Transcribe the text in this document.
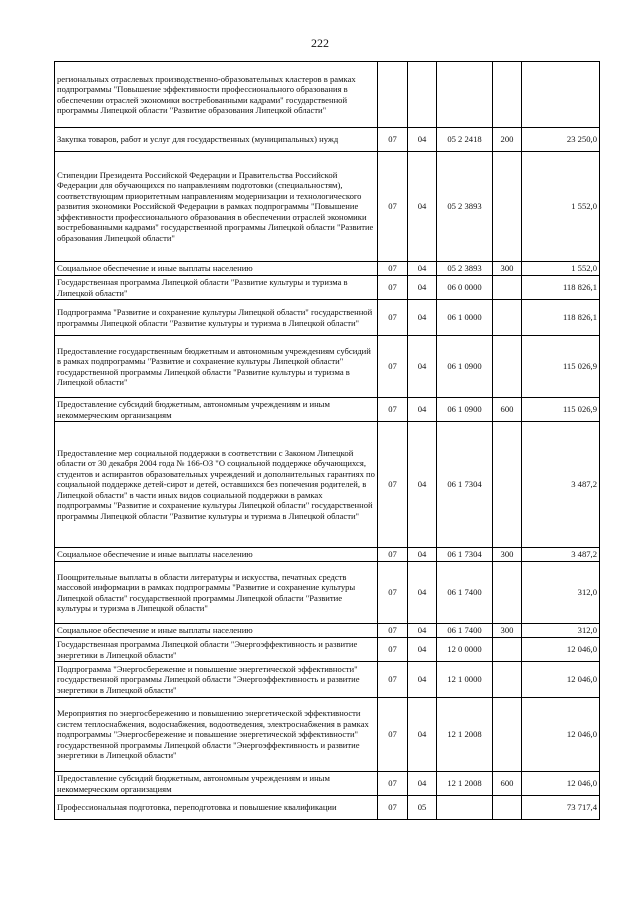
222
региональных отраслевых производственно-образовательных кластеров в рамках подпрограммы "Повышение эффективности профессионального образования в обеспечении отраслей экономики востребованными кадрами" государственной программы Липецкой области "Развитие образования Липецкой области"					
Закупка товаров, работ и услуг для государственных (муниципальных) нужд	07	04	05 2 2418	200	23 250,0
Стипендии Президента Российской Федерации и Правительства Российской Федерации для обучающихся по направлениям подготовки (специальностям), соответствующим приоритетным направлениям модернизации и технологического развития экономики Российской Федерации в рамках подпрограммы "Повышение эффективности профессионального образования в обеспечении отраслей экономики востребованными кадрами" государственной программы Липецкой области "Развитие образования Липецкой области"	07	04	05 2 3893		1 552,0
Социальное обеспечение и иные выплаты населению	07	04	05 2 3893	300	1 552,0
Государственная программа Липецкой области "Развитие культуры и туризма в Липецкой области"	07	04	06 0 0000		118 826,1
Подпрограмма "Развитие и сохранение культуры Липецкой области" государственной программы Липецкой области "Развитие культуры и туризма в Липецкой области"	07	04	06 1 0000		118 826,1
Предоставление государственным бюджетным и автономным учреждениям субсидий в рамках подпрограммы "Развитие и сохранение культуры Липецкой области" государственной программы Липецкой области "Развитие культуры и туризма в Липецкой области"	07	04	06 1 0900		115 026,9
Предоставление субсидий бюджетным, автономным учреждениям и иным некоммерческим организациям	07	04	06 1 0900	600	115 026,9
Предоставление мер социальной поддержки в соответствии с Законом Липецкой области от 30 декабря 2004 года № 166-ОЗ "О социальной поддержке обучающихся, студентов и аспирантов образовательных учреждений и дополнительных гарантиях по социальной поддержке детей-сирот и детей, оставшихся без попечения родителей, в Липецкой области" в части иных видов социальной поддержки в рамках подпрограммы "Развитие и сохранение культуры Липецкой области" государственной программы Липецкой области "Развитие культуры и туризма в Липецкой области"	07	04	06 1 7304		3 487,2
Социальное обеспечение и иные выплаты населению	07	04	06 1 7304	300	3 487,2
Поощрительные выплаты в области литературы и искусства, печатных средств массовой информации в рамках подпрограммы "Развитие и сохранение культуры Липецкой области" государственной программы Липецкой области "Развитие культуры и туризма в Липецкой области"	07	04	06 1 7400		312,0
Социальное обеспечение и иные выплаты населению	07	04	06 1 7400	300	312,0
Государственная программа Липецкой области "Энергоэффективность и развитие энергетики в Липецкой области"	07	04	12 0 0000		12 046,0
Подпрограмма "Энергосбережение и повышение энергетической эффективности" государственной программы Липецкой области "Энергоэффективность и развитие энергетики в Липецкой области"	07	04	12 1 0000		12 046,0
Мероприятия по энергосбережению и повышению энергетической эффективности систем теплоснабжения, водоснабжения, водоотведения, электроснабжения в рамках подпрограммы "Энергосбережение и повышение энергетической эффективности" государственной программы Липецкой области "Энергоэффективность и развитие энергетики в Липецкой области"	07	04	12 1 2008		12 046,0
Предоставление субсидий бюджетным, автономным учреждениям и иным некоммерческим организациям	07	04	12 1 2008	600	12 046,0
Профессиональная подготовка, переподготовка и повышение квалификации	07	05			73 717,4
